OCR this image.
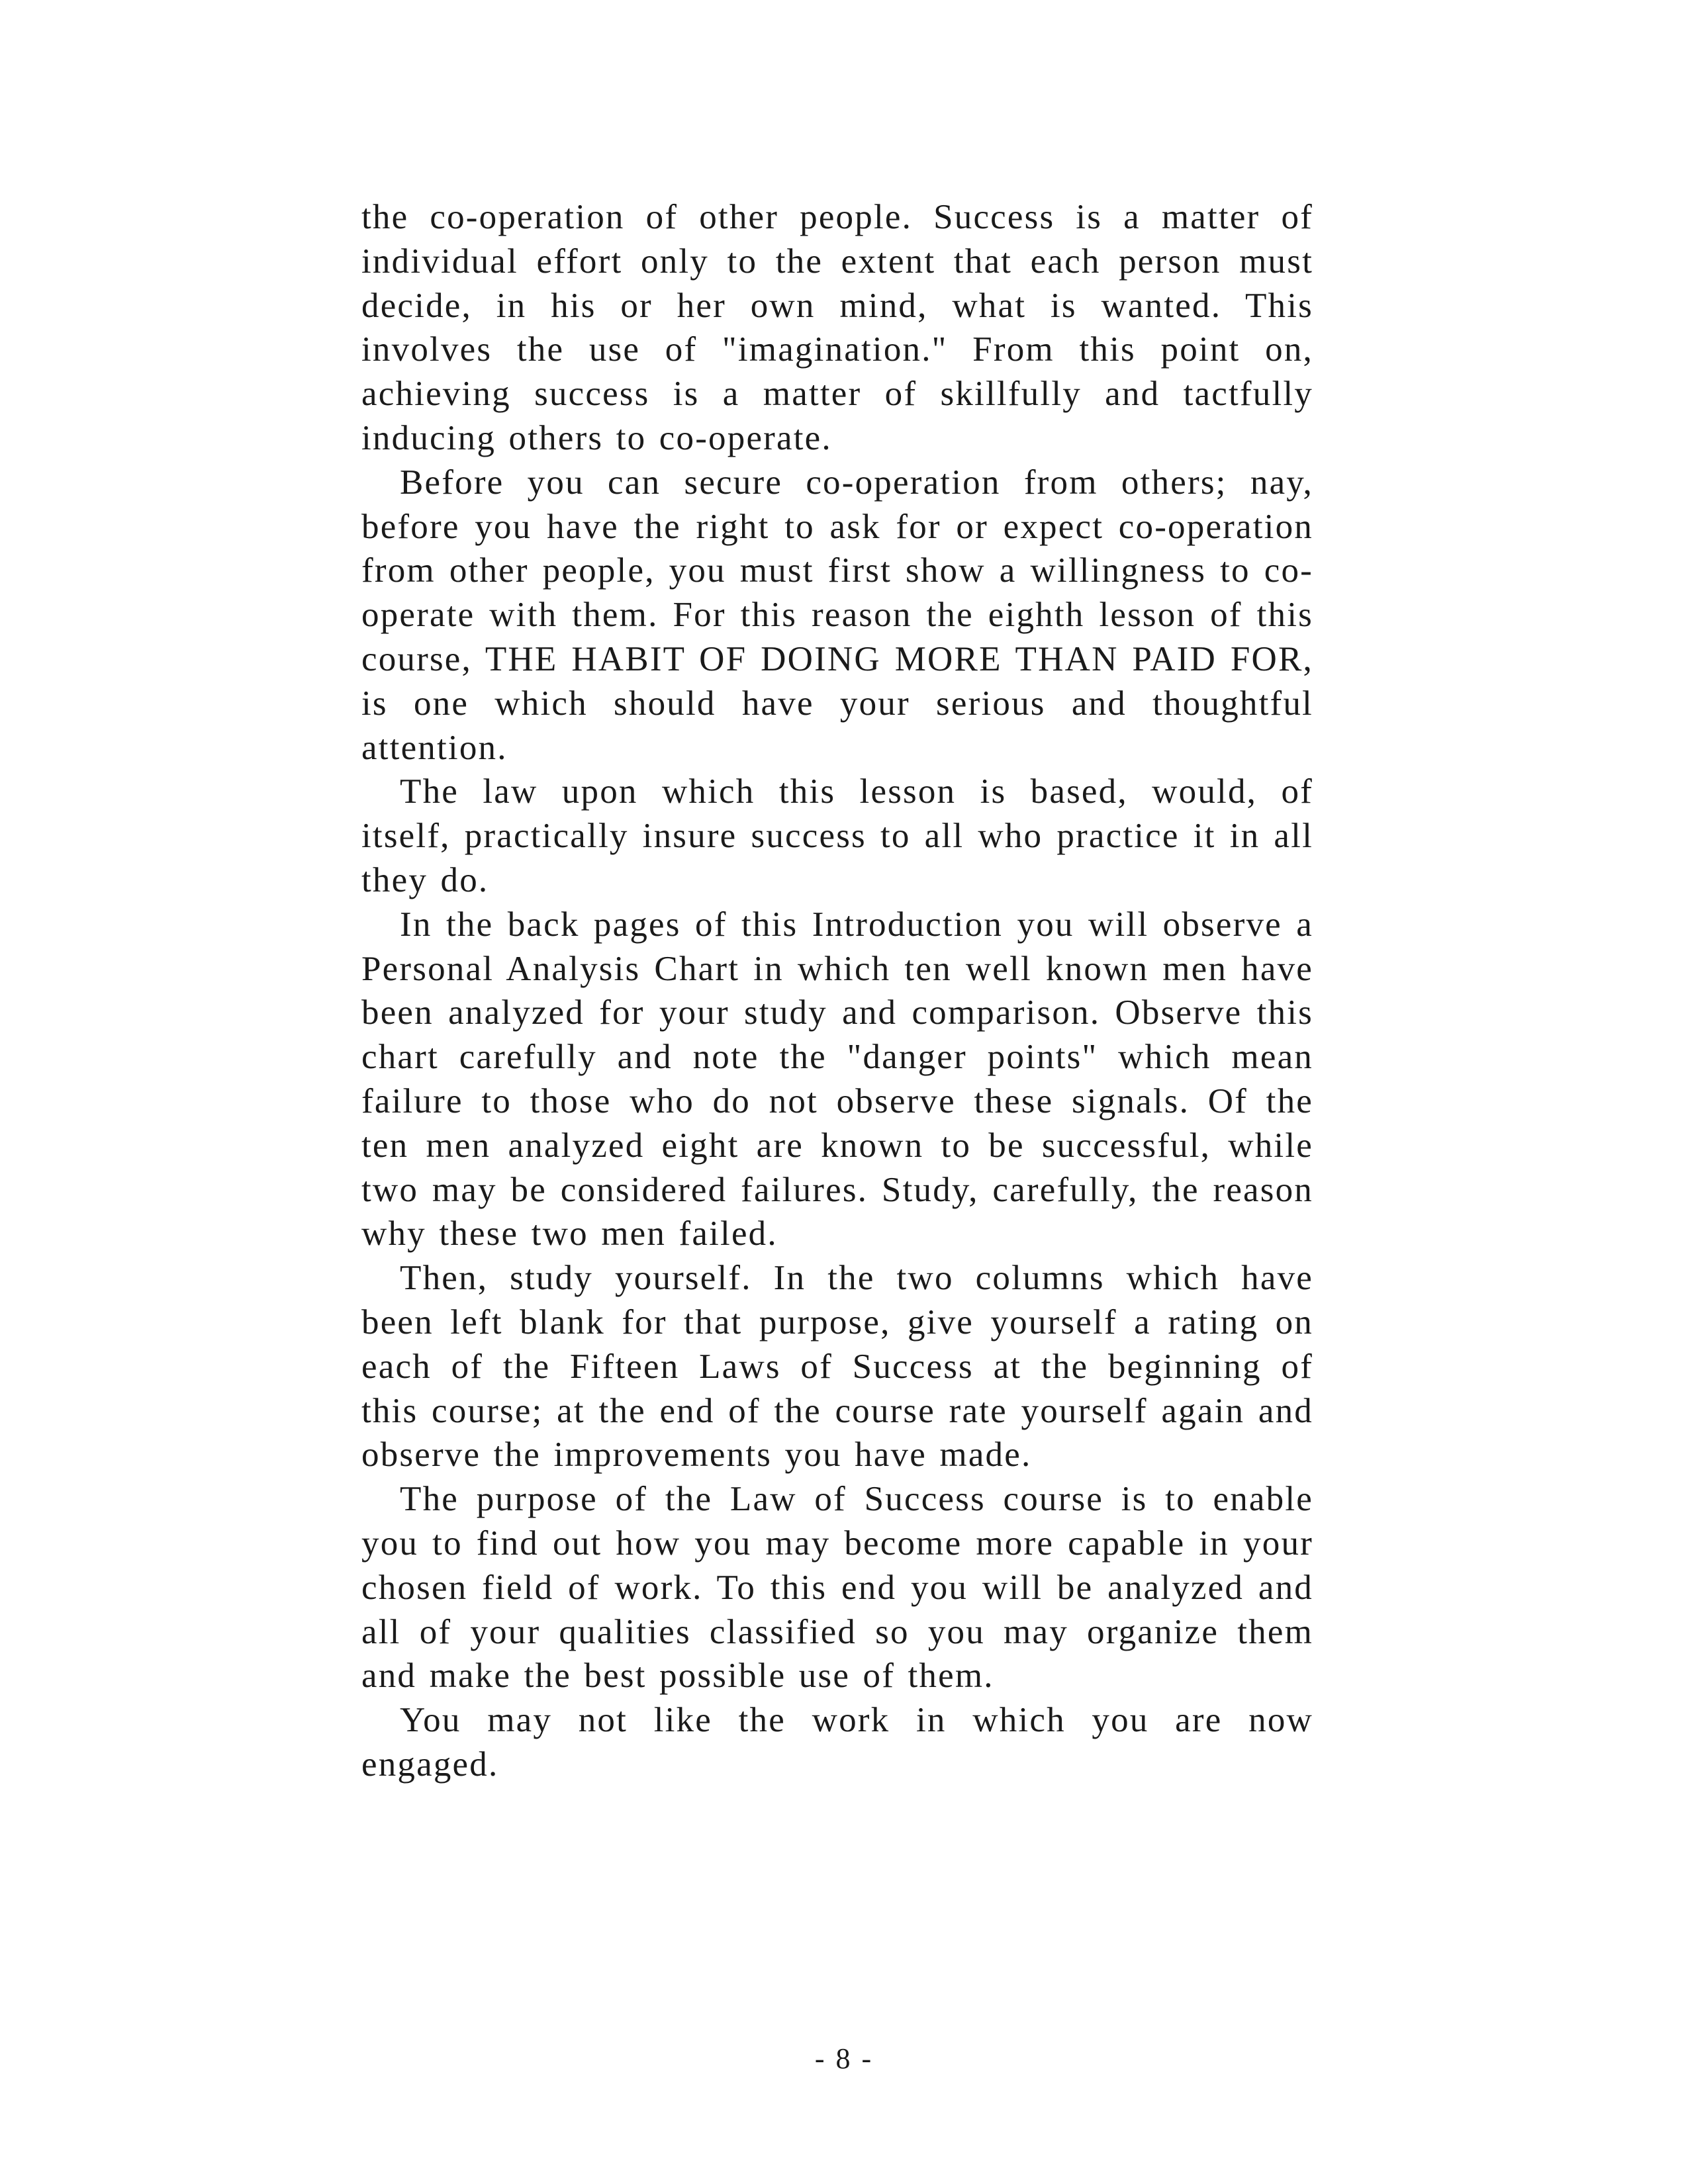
the co-operation of other people. Success is a matter of individual effort only to the extent that each person must decide, in his or her own mind, what is wanted. This involves the use of "imagination." From this point on, achieving success is a matter of skillfully and tactfully inducing others to co-operate.

Before you can secure co-operation from others; nay, before you have the right to ask for or expect co-operation from other people, you must first show a willingness to co-operate with them. For this reason the eighth lesson of this course, THE HABIT OF DOING MORE THAN PAID FOR, is one which should have your serious and thoughtful attention.

The law upon which this lesson is based, would, of itself, practically insure success to all who practice it in all they do.

In the back pages of this Introduction you will observe a Personal Analysis Chart in which ten well known men have been analyzed for your study and comparison. Observe this chart carefully and note the "danger points" which mean failure to those who do not observe these signals. Of the ten men analyzed eight are known to be successful, while two may be considered failures. Study, carefully, the reason why these two men failed.

Then, study yourself. In the two columns which have been left blank for that purpose, give yourself a rating on each of the Fifteen Laws of Success at the beginning of this course; at the end of the course rate yourself again and observe the improvements you have made.

The purpose of the Law of Success course is to enable you to find out how you may become more capable in your chosen field of work. To this end you will be analyzed and all of your qualities classified so you may organize them and make the best possible use of them.

You may not like the work in which you are now engaged.

- 8 -
